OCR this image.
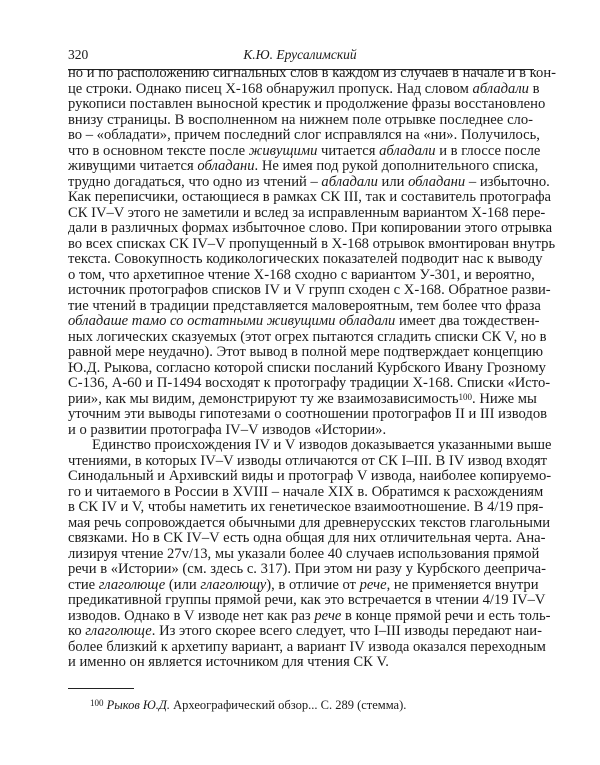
320	К.Ю. Ерусалимский
но и по расположению сигнальных слов в каждом из случаев в начале и в кон-
це строки. Однако писец Х-168 обнаружил пропуск. Над словом абладали в
рукописи поставлен выносной крестик и продолжение фразы восстановлено
внизу страницы. В восполненном на нижнем поле отрывке последнее сло-
во – «обладати», причем последний слог исправлялся на «ни». Получилось,
что в основном тексте после живущими читается абладали и в глоссе после
живущими читается обладани. Не имея под рукой дополнительного списка,
трудно догадаться, что одно из чтений – абладали или обладани – избыточно.
Как переписчики, остающиеся в рамках СК III, так и составитель протографа
СК IV–V этого не заметили и вслед за исправленным вариантом Х-168 пере-
дали в различных формах избыточное слово. При копировании этого отрывка
во всех списках СК IV–V пропущенный в Х-168 отрывок вмонтирован внутрь
текста. Совокупность кодикологических показателей подводит нас к выводу
о том, что архетипное чтение Х-168 сходно с вариантом У-301, и вероятно,
источник протографов списков IV и V групп сходен с Х-168. Обратное разви-
тие чтений в традиции представляется маловероятным, тем более что фраза
обладаше тамо со остатными живущими обладали имеет два тождествен-
ных логических сказуемых (этот огрех пытаются сгладить списки СК V, но в
равной мере неудачно). Этот вывод в полной мере подтверждает концепцию
Ю.Д. Рыкова, согласно которой списки посланий Курбского Ивану Грозному
С-136, А-60 и П-1494 восходят к протографу традиции Х-168. Списки «Исто-
рии», как мы видим, демонстрируют ту же взаимозависимость$^{100}$. Ниже мы
уточним эти выводы гипотезами о соотношении протографов II и III изводов
и о развитии протографа IV–V изводов «Истории».
Единство происхождения IV и V изводов доказывается указанными выше
чтениями, в которых IV–V изводы отличаются от СК I–III. В IV извод входят
Синодальный и Архивский виды и протограф V извода, наиболее копируемо-
го и читаемого в России в XVIII – начале XIX в. Обратимся к расхождениям
в СК IV и V, чтобы наметить их генетическое взаимоотношение. В 4/19 пря-
мая речь сопровождается обычными для древнерусских текстов глагольными
связками. Но в СК IV–V есть одна общая для них отличительная черта. Ана-
лизируя чтение 27v/13, мы указали более 40 случаев использования прямой
речи в «Истории» (см. здесь с. 317). При этом ни разу у Курбского дееприча-
стие глаголюще (или глаголющу), в отличие от рече, не применяется внутри
предикативной группы прямой речи, как это встречается в чтении 4/19 IV–V
изводов. Однако в V изводе нет как раз рече в конце прямой речи и есть толь-
ко глаголюще. Из этого скорее всего следует, что I–III изводы передают наи-
более близкий к архетипу вариант, а вариант IV извода оказался переходным
и именно он является источником для чтения СК V.
$^{100}$ Рыков Ю.Д. Археографический обзор... С. 289 (стемма).
